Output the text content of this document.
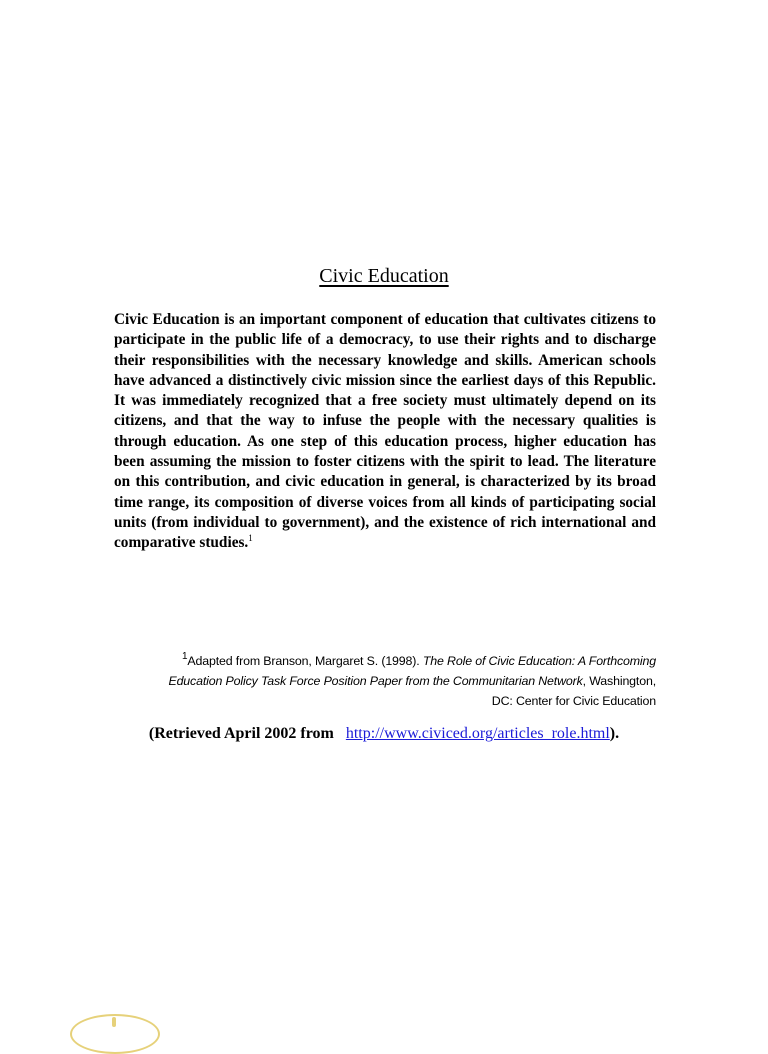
Civic Education

Civic Education is an important component of education that cultivates citizens to participate in the public life of a democracy, to use their rights and to discharge their responsibilities with the necessary knowledge and skills. American schools have advanced a distinctively civic mission since the earliest days of this Republic. It was immediately recognized that a free society must ultimately depend on its citizens, and that the way to infuse the people with the necessary qualities is through education. As one step of this education process, higher education has been assuming the mission to foster citizens with the spirit to lead. The literature on this contribution, and civic education in general, is characterized by its broad time range, its composition of diverse voices from all kinds of participating social units (from individual to government), and the existence of rich international and comparative studies.$^1$

$^1$Adapted from Branson, Margaret S. (1998). The Role of Civic Education: A Forthcoming Education Policy Task Force Position Paper from the Communitarian Network, Washington, DC: Center for Civic Education

(Retrieved April 2002 from   http://www.civiced.org/articles_role.html).
